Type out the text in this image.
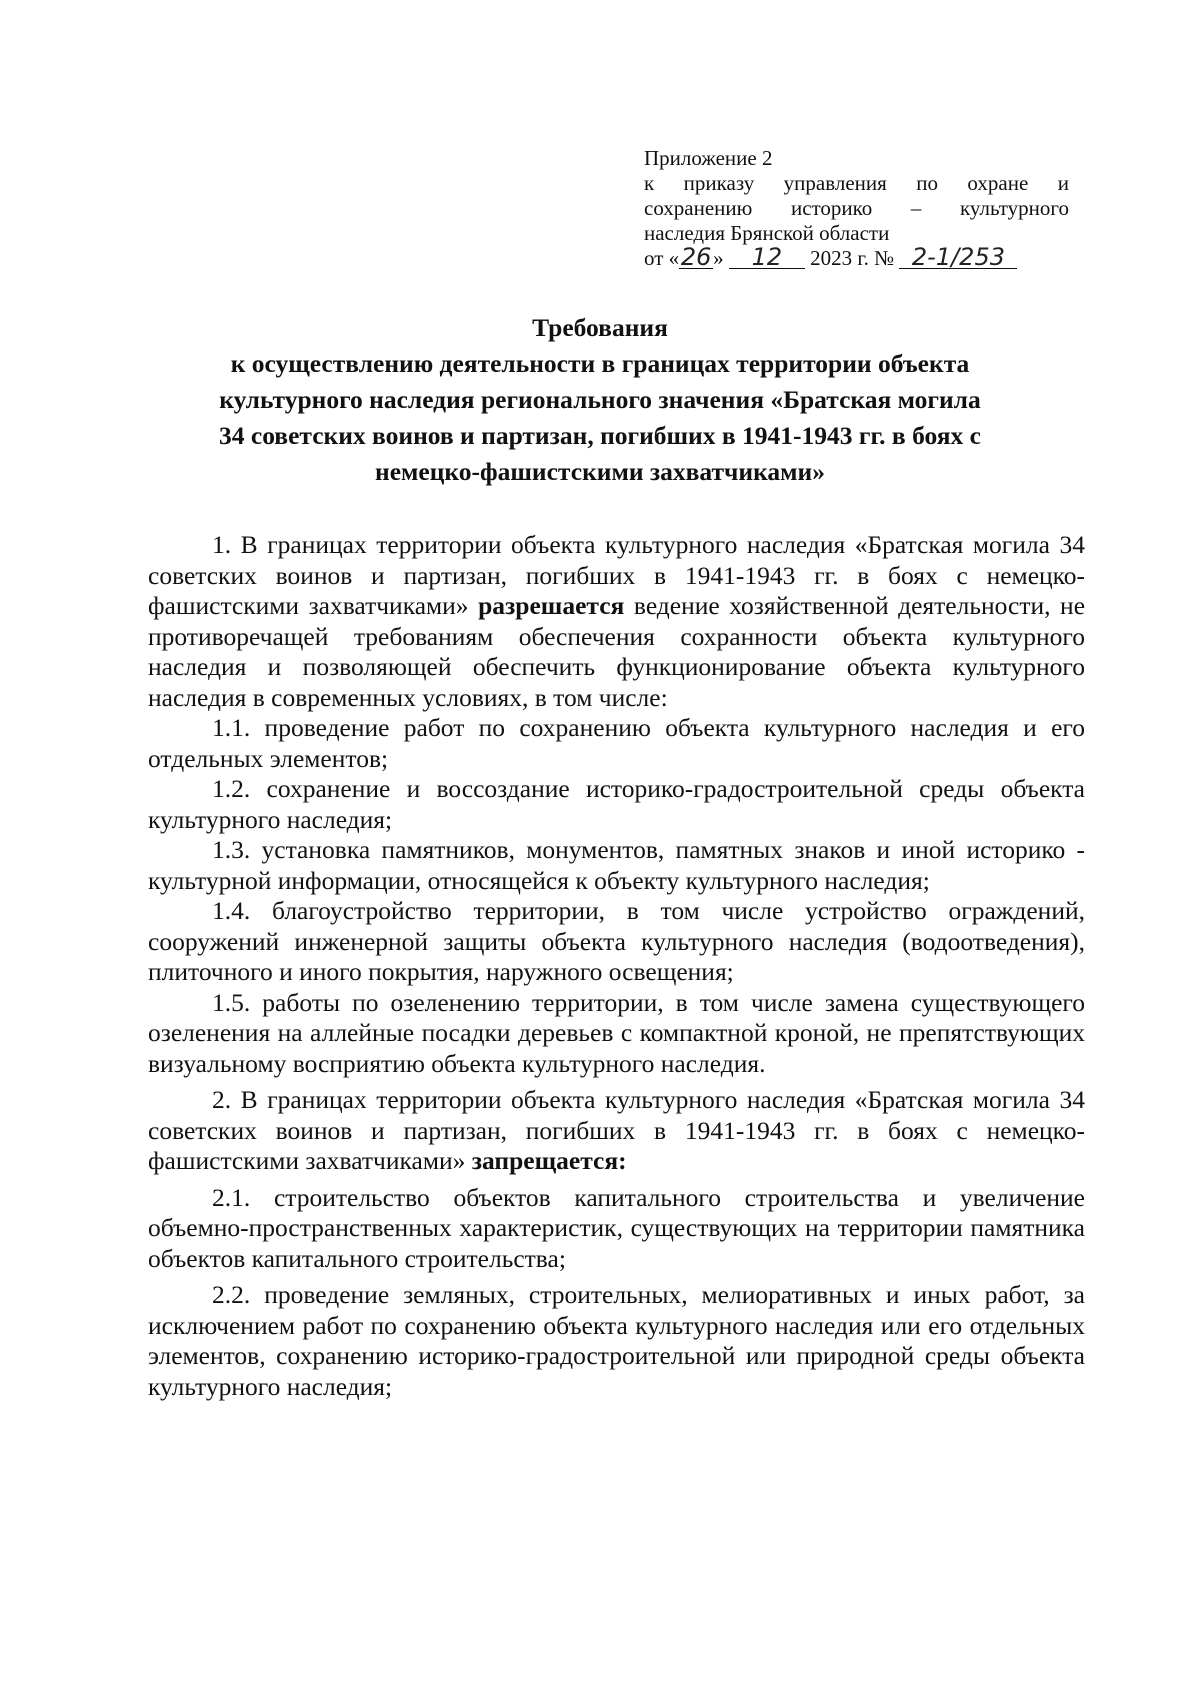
Приложение 2
к приказу управления по охране и
сохранению историко – культурного
наследия Брянской области
от «26» 12 2023 г. № 2-1/253
Требования
к осуществлению деятельности в границах территории объекта
культурного наследия регионального значения «Братская могила
34 советских воинов и партизан, погибших в 1941-1943 гг. в боях с
немецко-фашистскими захватчиками»

1. В границах территории объекта культурного наследия «Братская могила 34 советских воинов и партизан, погибших в 1941-1943 гг. в боях с немецко-фашистскими захватчиками» разрешается ведение хозяйственной деятельности, не противоречащей требованиям обеспечения сохранности объекта культурного наследия и позволяющей обеспечить функционирование объекта культурного наследия в современных условиях, в том числе:

1.1. проведение работ по сохранению объекта культурного наследия и его отдельных элементов;

1.2. сохранение и воссоздание историко-градостроительной среды объекта культурного наследия;

1.3. установка памятников, монументов, памятных знаков и иной историко - культурной информации, относящейся к объекту культурного наследия;

1.4. благоустройство территории, в том числе устройство ограждений, сооружений инженерной защиты объекта культурного наследия (водоотведения), плиточного и иного покрытия, наружного освещения;

1.5. работы по озеленению территории, в том числе замена существующего озеленения на аллейные посадки деревьев с компактной кроной, не препятствующих визуальному восприятию объекта культурного наследия.

2. В границах территории объекта культурного наследия «Братская могила 34 советских воинов и партизан, погибших в 1941-1943 гг. в боях с немецко-фашистскими захватчиками» запрещается:

2.1. строительство объектов капитального строительства и увеличение объемно-пространственных характеристик, существующих на территории памятника объектов капитального строительства;

2.2. проведение земляных, строительных, мелиоративных и иных работ, за исключением работ по сохранению объекта культурного наследия или его отдельных элементов, сохранению историко-градостроительной или природной среды объекта культурного наследия;
